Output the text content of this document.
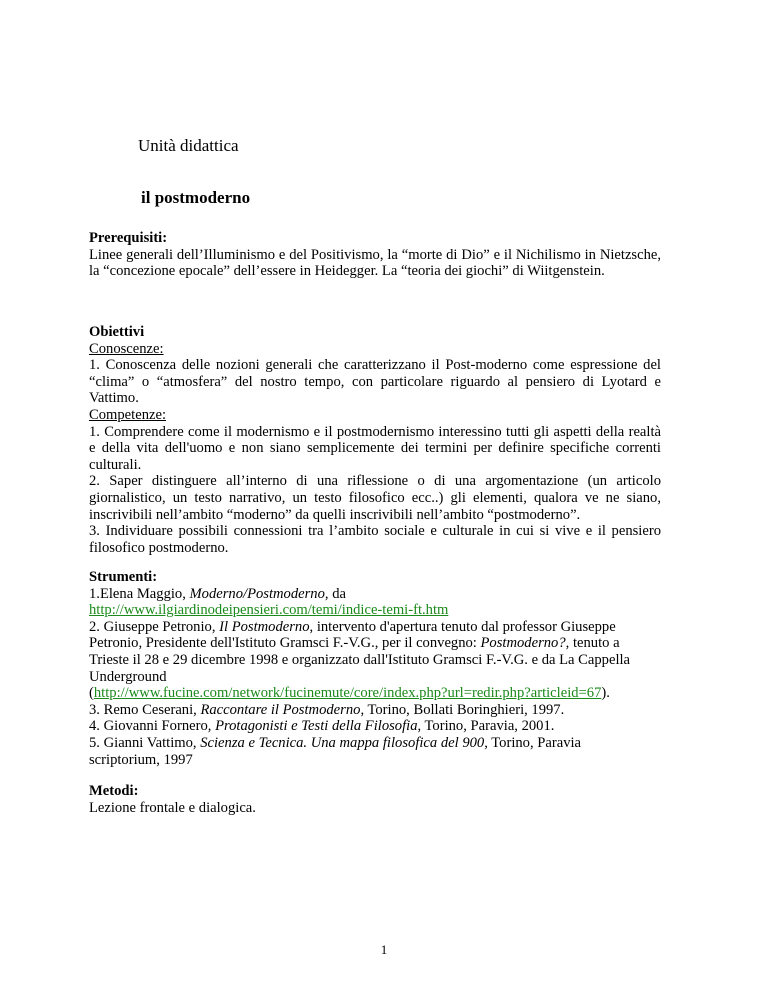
Unità didattica

il postmoderno

Prerequisiti:
Linee generali dell’Illuminismo e del Positivismo, la “morte di Dio” e il Nichilismo in Nietzsche, la “concezione epocale” dell’essere in Heidegger. La “teoria dei giochi” di Wiitgenstein.
Obiettivi
Conoscenze:
1. Conoscenza delle nozioni generali che caratterizzano il Post-moderno come espressione del “clima” o “atmosfera” del nostro tempo, con particolare riguardo al pensiero di Lyotard e Vattimo.
Competenze:
1. Comprendere come il modernismo e il postmodernismo interessino tutti gli aspetti della realtà e della vita dell'uomo e non siano semplicemente dei termini per definire specifiche correnti culturali.
2. Saper distinguere all’interno di una riflessione o di una argomentazione (un articolo giornalistico, un testo narrativo, un testo filosofico ecc..) gli elementi, qualora ve ne siano, inscrivibili nell’ambito “moderno” da quelli inscrivibili nell’ambito “postmoderno”.
3. Individuare possibili connessioni tra l’ambito sociale e culturale in cui si vive e il pensiero filosofico postmoderno.
Strumenti:
1.Elena Maggio, Moderno/Postmoderno, da
http://www.ilgiardinodeipensieri.com/temi/indice-temi-ft.htm
2. Giuseppe Petronio, Il Postmoderno, intervento d'apertura tenuto dal professor Giuseppe
Petronio, Presidente dell'Istituto Gramsci F.-V.G., per il convegno: Postmoderno?, tenuto a
Trieste il 28 e 29 dicembre 1998 e organizzato dall'Istituto Gramsci F.-V.G. e da La Cappella
Underground
(http://www.fucine.com/network/fucinemute/core/index.php?url=redir.php?articleid=67).
3. Remo Ceserani, Raccontare il Postmoderno, Torino, Bollati Boringhieri, 1997.
4. Giovanni Fornero, Protagonisti e Testi della Filosofia, Torino, Paravia, 2001.
5. Gianni Vattimo, Scienza e Tecnica. Una mappa filosofica del 900, Torino, Paravia
scriptorium, 1997
Metodi:
Lezione frontale e dialogica.

1
